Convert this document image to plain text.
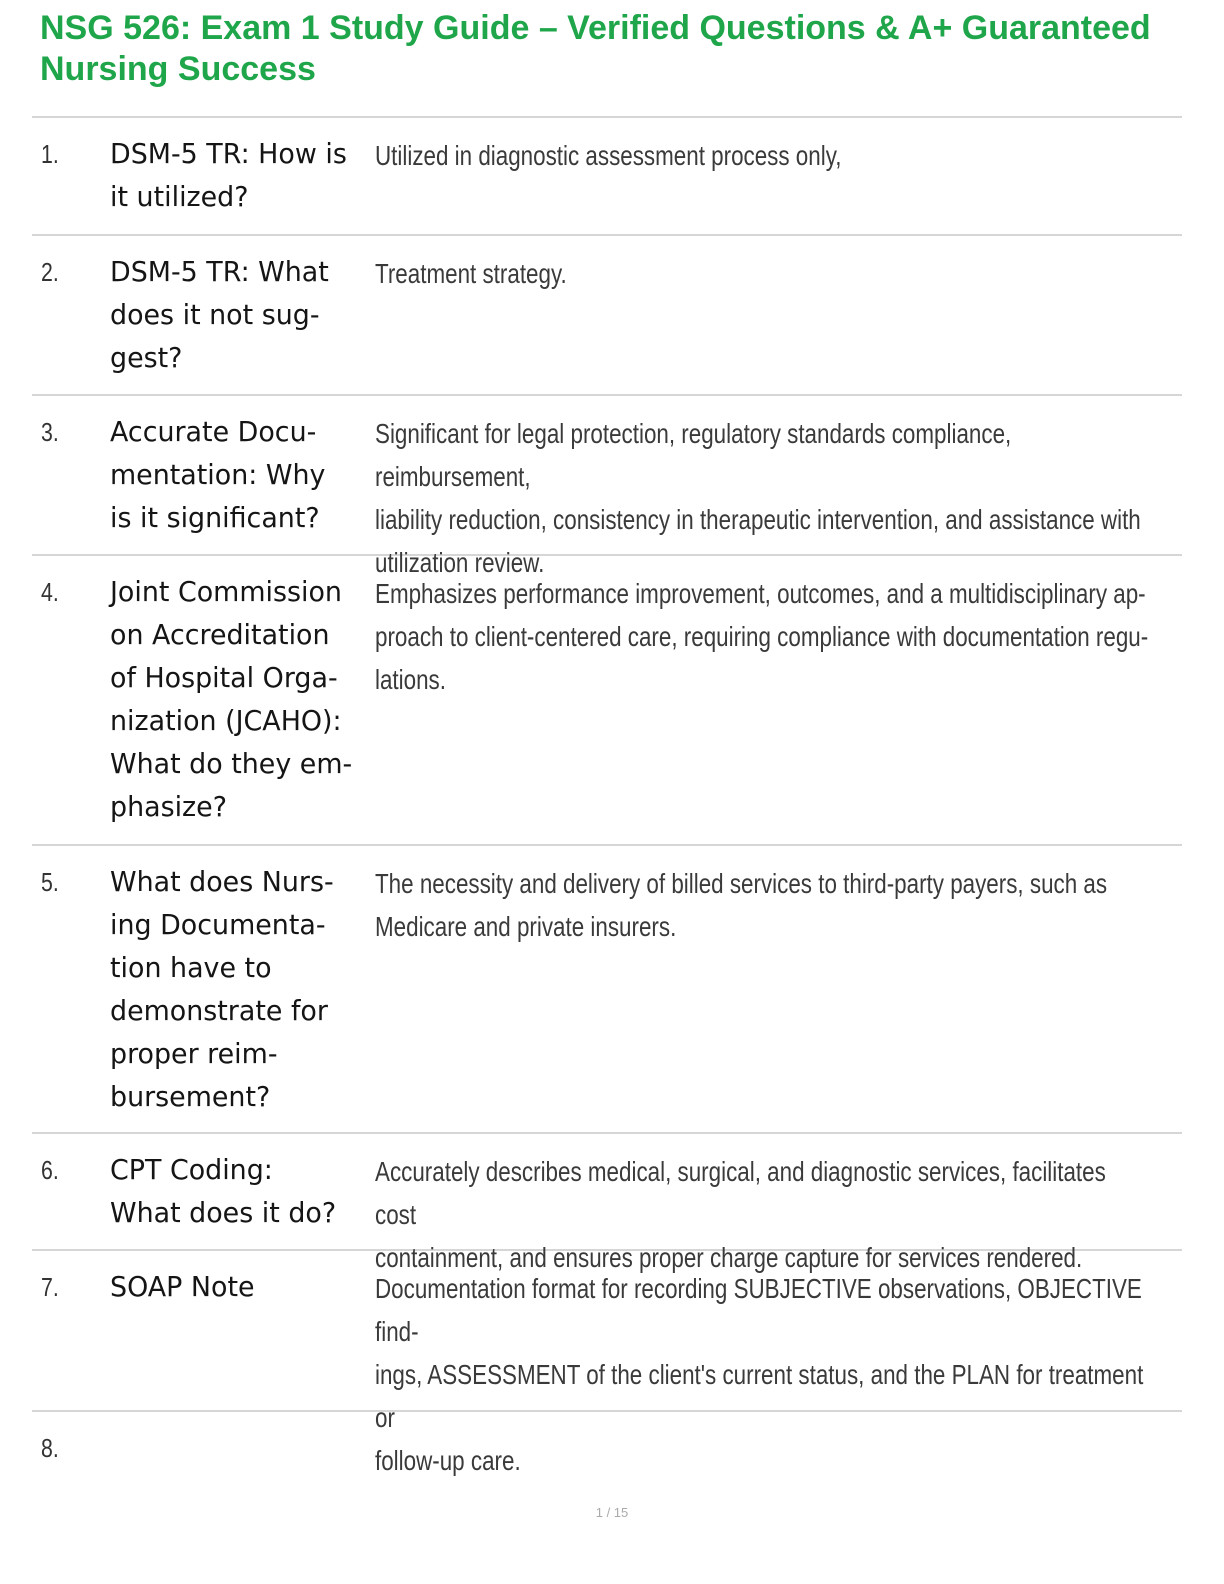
NSG 526: Exam 1 Study Guide – Verified Questions & A+ Guaranteed
Nursing Success
1. DSM-5 TR: How is
it utilized?
Utilized in diagnostic assessment process only,
2. DSM-5 TR: What
does it not sug-
gest?
Treatment strategy.
3. Accurate Docu-
mentation: Why
is it significant?
Significant for legal protection, regulatory standards compliance, reimbursement,
liability reduction, consistency in therapeutic intervention, and assistance with
utilization review.
4. Joint Commission
on Accreditation
of Hospital Orga-
nization (JCAHO):
What do they em-
phasize?
Emphasizes performance improvement, outcomes, and a multidisciplinary ap-
proach to client-centered care, requiring compliance with documentation regu-
lations.
5. What does Nurs-
ing Documenta-
tion have to
demonstrate for
proper reim-
bursement?
The necessity and delivery of billed services to third-party payers, such as
Medicare and private insurers.
6. CPT Coding:
What does it do?
Accurately describes medical, surgical, and diagnostic services, facilitates cost
containment, and ensures proper charge capture for services rendered.
7. SOAP Note	Documentation format for recording SUBJECTIVE observations, OBJECTIVE find-
ings, ASSESSMENT of the client's current status, and the PLAN for treatment or
follow-up care.
8.
1 / 15
